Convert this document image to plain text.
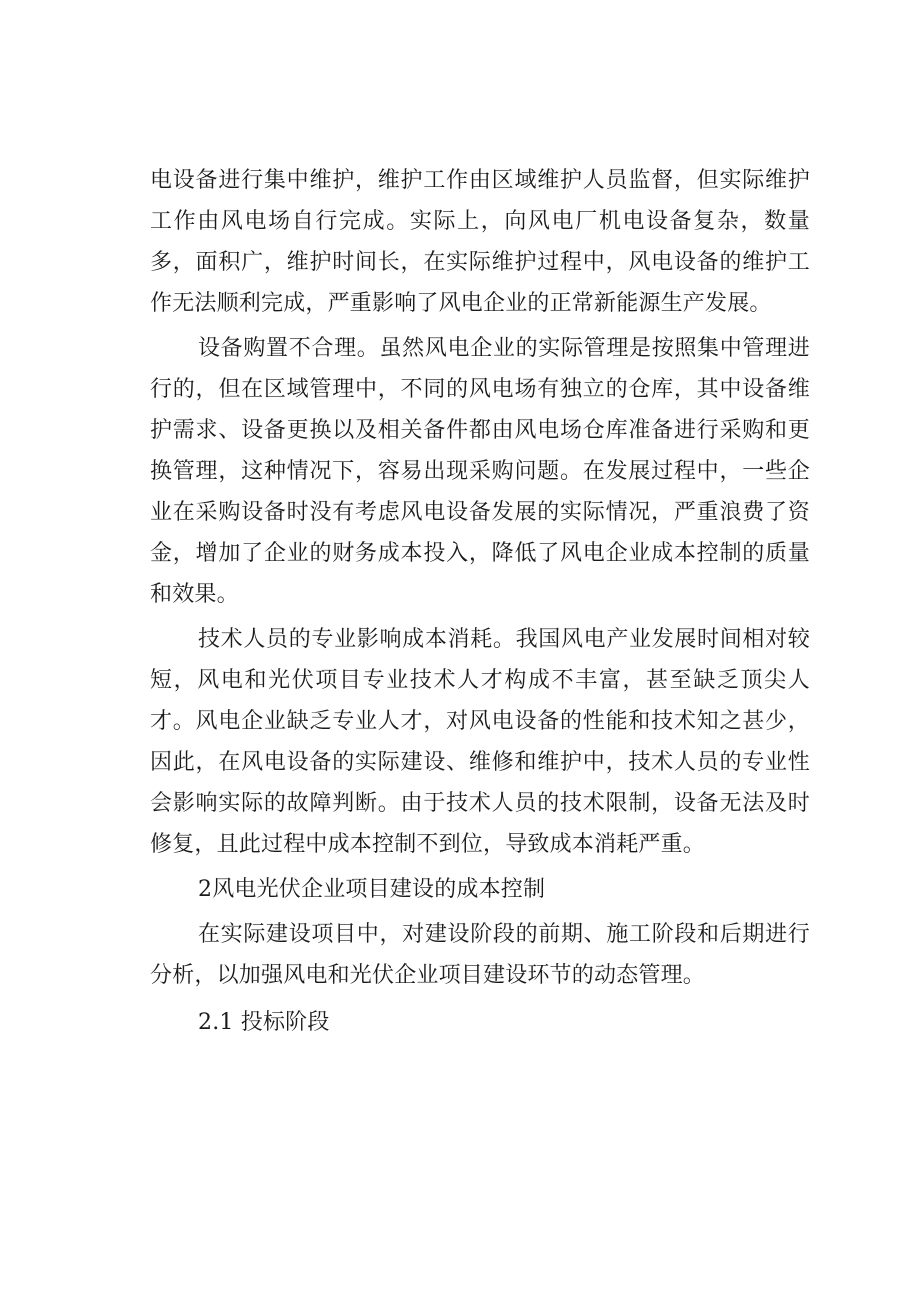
电设备进行集中维护，维护工作由区域维护人员监督，但实际维护工作由风电场自行完成。实际上，向风电厂机电设备复杂，数量多，面积广，维护时间长，在实际维护过程中，风电设备的维护工作无法顺利完成，严重影响了风电企业的正常新能源生产发展。

设备购置不合理。虽然风电企业的实际管理是按照集中管理进行的，但在区域管理中，不同的风电场有独立的仓库，其中设备维护需求、设备更换以及相关备件都由风电场仓库准备进行采购和更换管理，这种情况下，容易出现采购问题。在发展过程中，一些企业在采购设备时没有考虑风电设备发展的实际情况，严重浪费了资金，增加了企业的财务成本投入，降低了风电企业成本控制的质量和效果。

技术人员的专业影响成本消耗。我国风电产业发展时间相对较短，风电和光伏项目专业技术人才构成不丰富，甚至缺乏顶尖人才。风电企业缺乏专业人才，对风电设备的性能和技术知之甚少，因此，在风电设备的实际建设、维修和维护中，技术人员的专业性会影响实际的故障判断。由于技术人员的技术限制，设备无法及时修复，且此过程中成本控制不到位，导致成本消耗严重。

2风电光伏企业项目建设的成本控制

在实际建设项目中，对建设阶段的前期、施工阶段和后期进行分析，以加强风电和光伏企业项目建设环节的动态管理。

2.1 投标阶段
